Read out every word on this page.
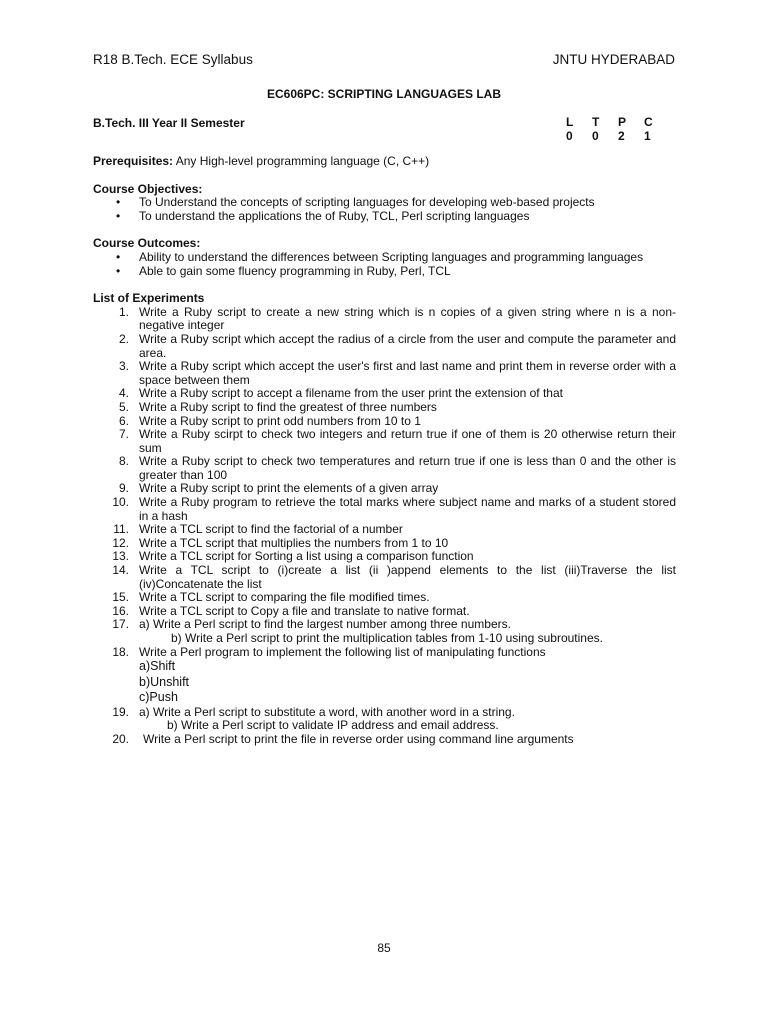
R18 B.Tech. ECE Syllabus	JNTU HYDERABAD
EC606PC: SCRIPTING LANGUAGES LAB
B.Tech. III Year II Semester	L	T	P	C
0	0	2	1

Prerequisites: Any High-level programming language (C, C++)

Course Objectives:

• To Understand the concepts of scripting languages for developing web-based projects
• To understand the applications the of Ruby, TCL, Perl scripting languages

Course Outcomes:

• Ability to understand the differences between Scripting languages and programming languages
• Able to gain some fluency programming in Ruby, Perl, TCL

List of Experiments

1. Write a Ruby script to create a new string which is n copies of a given string where n is a non-negative integer
2. Write a Ruby script which accept the radius of a circle from the user and compute the parameter and area.
3. Write a Ruby script which accept the user's first and last name and print them in reverse order with a space between them
4. Write a Ruby script to accept a filename from the user print the extension of that
5. Write a Ruby script to find the greatest of three numbers
6. Write a Ruby script to print odd numbers from 10 to 1
7. Write a Ruby scirpt to check two integers and return true if one of them is 20 otherwise return their sum
8. Write a Ruby script to check two temperatures and return true if one is less than 0 and the other is greater than 100
9. Write a Ruby script to print the elements of a given array
10. Write a Ruby program to retrieve the total marks where subject name and marks of a student stored in a hash
11. Write a TCL script to find the factorial of a number
12. Write a TCL script that multiplies the numbers from 1 to 10
13. Write a TCL script for Sorting a list using a comparison function
14. Write a TCL script to (i)create a list (ii )append elements to the list (iii)Traverse the list (iv)Concatenate the list
15. Write a TCL script to comparing the file modified times.
16. Write a TCL script to Copy a file and translate to native format.
17. a) Write a Perl script to find the largest number among three numbers.
b) Write a Perl script to print the multiplication tables from 1-10 using subroutines.
18. Write a Perl program to implement the following list of manipulating functions
a)Shift
b)Unshift
c)Push
19. a) Write a Perl script to substitute a word, with another word in a string.
b) Write a Perl script to validate IP address and email address.
20. Write a Perl script to print the file in reverse order using command line arguments
85
